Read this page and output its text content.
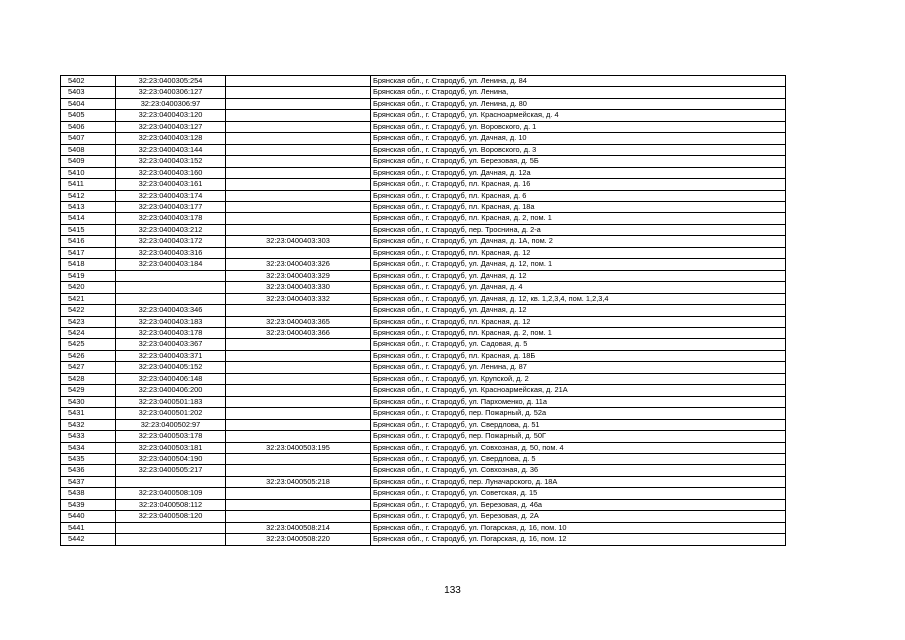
5402	32:23:0400305:254		Брянская обл., г. Стародуб, ул. Ленина, д. 84
5403	32:23:0400306:127		Брянская обл., г. Стародуб, ул. Ленина,
5404	32:23:0400306:97		Брянская обл., г. Стародуб, ул. Ленина, д. 80
5405	32:23:0400403:120		Брянская обл., г. Стародуб, ул. Красноармейская, д. 4
5406	32:23:0400403:127		Брянская обл., г. Стародуб, ул. Воровского, д. 1
5407	32:23:0400403:128		Брянская обл., г. Стародуб, ул. Дачная, д. 10
5408	32:23:0400403:144		Брянская обл., г. Стародуб, ул. Воровского, д. 3
5409	32:23:0400403:152		Брянская обл., г. Стародуб, ул. Березовая, д. 5Б
5410	32:23:0400403:160		Брянская обл., г. Стародуб, ул. Дачная, д. 12а
5411	32:23:0400403:161		Брянская обл., г. Стародуб, пл. Красная, д. 16
5412	32:23:0400403:174		Брянская обл., г. Стародуб, пл. Красная, д. 6
5413	32:23:0400403:177		Брянская обл., г. Стародуб, пл. Красная, д. 18а
5414	32:23:0400403:178		Брянская обл., г. Стародуб, пл. Красная, д. 2, пом. 1
5415	32:23:0400403:212		Брянская обл., г. Стародуб, пер. Троснина, д. 2-а
5416	32:23:0400403:172	32:23:0400403:303	Брянская обл., г. Стародуб, ул. Дачная, д. 1А, пом. 2
5417	32:23:0400403:316		Брянская обл., г. Стародуб, пл. Красная, д. 12
5418	32:23:0400403:184	32:23:0400403:326	Брянская обл., г. Стародуб, ул. Дачная, д. 12, пом. 1
5419		32:23:0400403:329	Брянская обл., г. Стародуб, ул. Дачная, д. 12
5420		32:23:0400403:330	Брянская обл., г. Стародуб, ул. Дачная, д. 4
5421		32:23:0400403:332	Брянская обл., г. Стародуб, ул. Дачная, д. 12, кв. 1,2,3,4, пом. 1,2,3,4
5422	32:23:0400403:346		Брянская обл., г. Стародуб, ул. Дачная, д. 12
5423	32:23:0400403:183	32:23:0400403:365	Брянская обл., г. Стародуб, пл. Красная, д. 12
5424	32:23:0400403:178	32:23:0400403:366	Брянская обл., г. Стародуб, пл. Красная, д. 2, пом. 1
5425	32:23:0400403:367		Брянская обл., г. Стародуб, ул. Садовая, д. 5
5426	32:23:0400403:371		Брянская обл., г. Стародуб, пл. Красная, д. 18Б
5427	32:23:0400405:152		Брянская обл., г. Стародуб, ул. Ленина, д. 87
5428	32:23:0400406:148		Брянская обл., г. Стародуб, ул. Крупской, д. 2
5429	32:23:0400406:200		Брянская обл., г. Стародуб, ул. Красноармейская, д. 21А
5430	32:23:0400501:183		Брянская обл., г. Стародуб, ул. Пархоменко, д. 11а
5431	32:23:0400501:202		Брянская обл., г. Стародуб, пер. Пожарный, д. 52а
5432	32:23:0400502:97		Брянская обл., г. Стародуб, ул. Свердлова, д. 51
5433	32:23:0400503:178		Брянская обл., г. Стародуб, пер. Пожарный, д. 50Г
5434	32:23:0400503:181	32:23:0400503:195	Брянская обл., г. Стародуб, ул. Совхозная, д. 50, пом. 4
5435	32:23:0400504:190		Брянская обл., г. Стародуб, ул. Свердлова, д. 5
5436	32:23:0400505:217		Брянская обл., г. Стародуб, ул. Совхозная, д. 36
5437		32:23:0400505:218	Брянская обл., г. Стародуб, пер. Луначарского, д. 18А
5438	32:23:0400508:109		Брянская обл., г. Стародуб, ул. Советская, д. 15
5439	32:23:0400508:112		Брянская обл., г. Стародуб, ул. Березовая, д. 46а
5440	32:23:0400508:120		Брянская обл., г. Стародуб, ул. Березовая, д. 2А
5441		32:23:0400508:214	Брянская обл., г. Стародуб, ул. Погарская, д. 16, пом. 10
5442		32:23:0400508:220	Брянская обл., г. Стародуб, ул. Погарская, д. 16, пом. 12
133
